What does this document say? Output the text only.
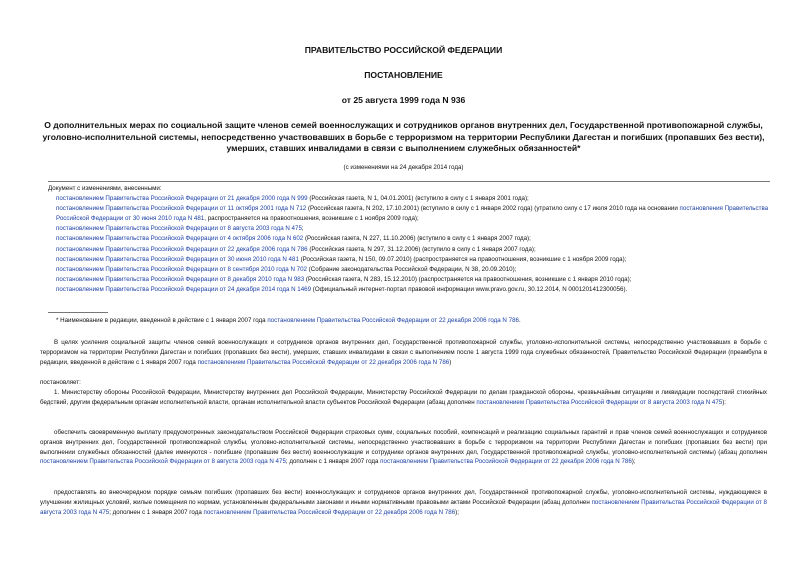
ПРАВИТЕЛЬСТВО РОССИЙСКОЙ ФЕДЕРАЦИИ
ПОСТАНОВЛЕНИЕ
от 25 августа 1999 года N 936
О дополнительных мерах по социальной защите членов семей военнослужащих и сотрудников органов внутренних дел, Государственной противопожарной службы, уголовно-исполнительной системы, непосредственно участвовавших в борьбе с терроризмом на территории Республики Дагестан и погибших (пропавших без вести), умерших, ставших инвалидами в связи с выполнением служебных обязанностей*
(с изменениями на 24 декабря 2014 года)
Документ с изменениями, внесенными:
постановлением Правительства Российской Федерации от 21 декабря 2000 года N 999 (Российская газета, N 1, 04.01.2001) (вступило в силу с 1 января 2001 года);
постановлением Правительства Российской Федерации от 11 октября 2001 года N 712 (Российская газета, N 202, 17.10.2001) (вступило в силу с 1 января 2002 года) (утратило силу с 17 июля 2010 года на основании постановления Правительства Российской Федерации от 30 июня 2010 года N 481, распространяется на правоотношения, возникшие с 1 ноября 2009 года);
постановлением Правительства Российской Федерации от 8 августа 2003 года N 475;
постановлением Правительства Российской Федерации от 4 октября 2006 года N 602 (Российская газета, N 227, 11.10.2006) (вступило в силу с 1 января 2007 года);
постановлением Правительства Российской Федерации от 22 декабря 2006 года N 786 (Российская газета, N 297, 31.12.2006) (вступило в силу с 1 января 2007 года);
постановлением Правительства Российской Федерации от 30 июня 2010 года N 481 (Российская газета, N 150, 09.07.2010) (распространяется на правоотношения, возникшие с 1 ноября 2009 года);
постановлением Правительства Российской Федерации от 8 сентября 2010 года N 702 (Собрание законодательства Российской Федерации, N 38, 20.09.2010);
постановлением Правительства Российской Федерации от 8 декабря 2010 года N 983 (Российская газета, N 283, 15.12.2010) (распространяется на правоотношения, возникшие с 1 января 2010 года);
постановлением Правительства Российской Федерации от 24 декабря 2014 года N 1469 (Официальный интернет-портал правовой информации www.pravo.gov.ru, 30.12.2014, N 0001201412300056).
* Наименование в редакции, введенной в действие с 1 января 2007 года постановлением Правительства Российской Федерации от 22 декабря 2006 года N 786.
В целях усиления социальной защиты членов семей военнослужащих и сотрудников органов внутренних дел, Государственной противопожарной службы, уголовно-исполнительной системы, непосредственно участвовавших в борьбе с терроризмом на территории Республики Дагестан и погибших (пропавших без вести), умерших, ставших инвалидами в связи с выполнением после 1 августа 1999 года служебных обязанностей, Правительство Российской Федерации (преамбула в редакции, введенной в действие с 1 января 2007 года постановлением Правительства Российской Федерации от 22 декабря 2006 года N 786)
постановляет:
1. Министерству обороны Российской Федерации, Министерству внутренних дел Российской Федерации, Министерству Российской Федерации по делам гражданской обороны, чрезвычайным ситуациям и ликвидации последствий стихийных бедствий, другим федеральным органам исполнительной власти, органам исполнительной власти субъектов Российской Федерации (абзац дополнен постановлением Правительства Российской Федерации от 8 августа 2003 года N 475):
обеспечить своевременную выплату предусмотренных законодательством Российской Федерации страховых сумм, социальных пособий, компенсаций и реализацию социальных гарантий и прав членов семей военнослужащих и сотрудников органов внутренних дел, Государственной противопожарной службы, уголовно-исполнительной системы, непосредственно участвовавших в борьбе с терроризмом на территории Республики Дагестан и погибших (пропавших без вести) при выполнении служебных обязанностей (далее именуются - погибшие (пропавшие без вести) военнослужащие и сотрудники органов внутренних дел, Государственной противопожарной службы, уголовно-исполнительной системы) (абзац дополнен постановлением Правительства Российской Федерации от 8 августа 2003 года N 475; дополнен с 1 января 2007 года постановлением Правительства Российской Федерации от 22 декабря 2006 года N 786);
предоставлять во внеочередном порядке семьям погибших (пропавших без вести) военнослужащих и сотрудников органов внутренних дел, Государственной противопожарной службы, уголовно-исполнительной системы, нуждающимся в улучшении жилищных условий, жилые помещения по нормам, установленным федеральными законами и иными нормативными правовыми актами Российской Федерации (абзац дополнен постановлением Правительства Российской Федерации от 8 августа 2003 года N 475; дополнен с 1 января 2007 года постановлением Правительства Российской Федерации от 22 декабря 2006 года N 786);
